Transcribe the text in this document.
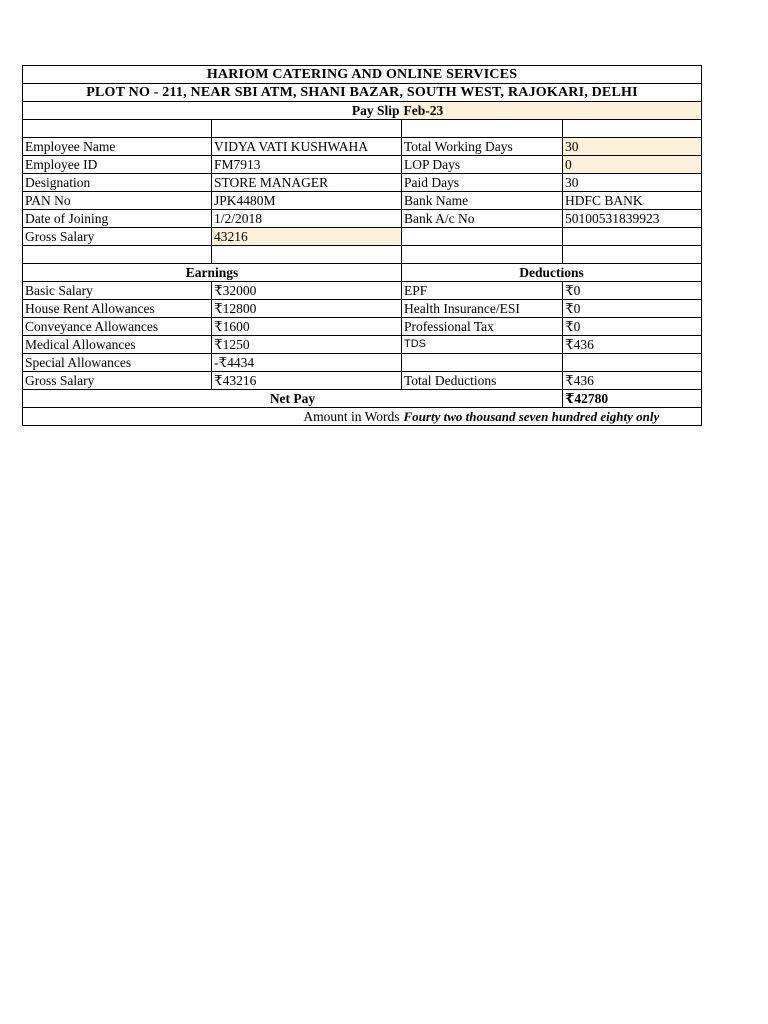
HARIOM CATERING AND ONLINE SERVICES			
PLOT NO - 211, NEAR SBI ATM, SHANI BAZAR, SOUTH WEST, RAJOKARI, DELHI			
Pay Slip		Feb-23	

Employee Name	VIDYA VATI KUSHWAHA	Total Working Days	30
Employee ID	FM7913	LOP Days	0
Designation	STORE MANAGER	Paid Days	30
PAN No	JPK4480M	Bank Name	HDFC BANK
Date of Joining	1/2/2018	Bank A/c No	50100531839923
Gross Salary	43216		

Earnings		Deductions	
Basic Salary	₹32000	EPF	₹0
House Rent Allowances	₹12800	Health Insurance/ESI	₹0
Conveyance Allowances	₹1600	Professional Tax	₹0
Medical Allowances	₹1250	TDS	₹436
Special Allowances	-₹4434		
Gross Salary	₹43216	Total Deductions	₹436
Net Pay			₹42780
Amount in Words		Fourty two thousand seven hundred eighty only	
